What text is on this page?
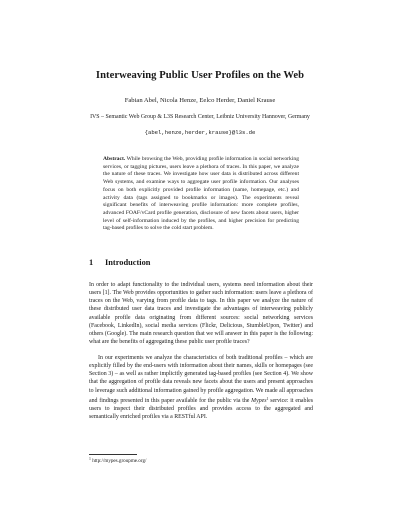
Interweaving Public User Profiles on the Web
Fabian Abel, Nicola Henze, Eelco Herder, Daniel Krause
IVS – Semantic Web Group & L3S Research Center, Leibniz University Hannover, Germany
{abel,henze,herder,krause}@l3s.de

Abstract. While browsing the Web, providing profile information in social networking services, or tagging pictures, users leave a plethora of traces. In this paper, we analyze the nature of these traces. We investigate how user data is distributed across different Web systems, and examine ways to aggregate user profile information. Our analyses focus on both explicitly provided profile information (name, homepage, etc.) and activity data (tags assigned to bookmarks or images). The experiments reveal significant benefits of interweaving profile information: more complete profiles, advanced FOAF/vCard profile generation, disclosure of new facets about users, higher level of self-information induced by the profiles, and higher precision for predicting tag-based profiles to solve the cold start problem.

1 Introduction

In order to adapt functionality to the individual users, systems need information about their users [1]. The Web provides opportunities to gather such information: users leave a plethora of traces on the Web, varying from profile data to tags. In this paper we analyze the nature of these distributed user data traces and investigate the advantages of interweaving publicly available profile data originating from different sources: social networking services (Facebook, LinkedIn), social media services (Flickr, Delicious, StumbleUpon, Twitter) and others (Google). The main research question that we will answer in this paper is the following: what are the benefits of aggregating these public user profile traces?

In our experiments we analyze the characteristics of both traditional profiles – which are explicitly filled by the end-users with information about their names, skills or homepages (see Section 3) – as well as rather implicitly generated tag-based profiles (see Section 4). We show that the aggregation of profile data reveals new facets about the users and present approaches to leverage such additional information gained by profile aggregation. We made all approaches and findings presented in this paper available for the public via the Mypes$^1$ service: it enables users to inspect their distributed profiles and provides access to the aggregated and semantically enriched profiles via a RESTful API.

$^1$ http://mypes.groupme.org/
